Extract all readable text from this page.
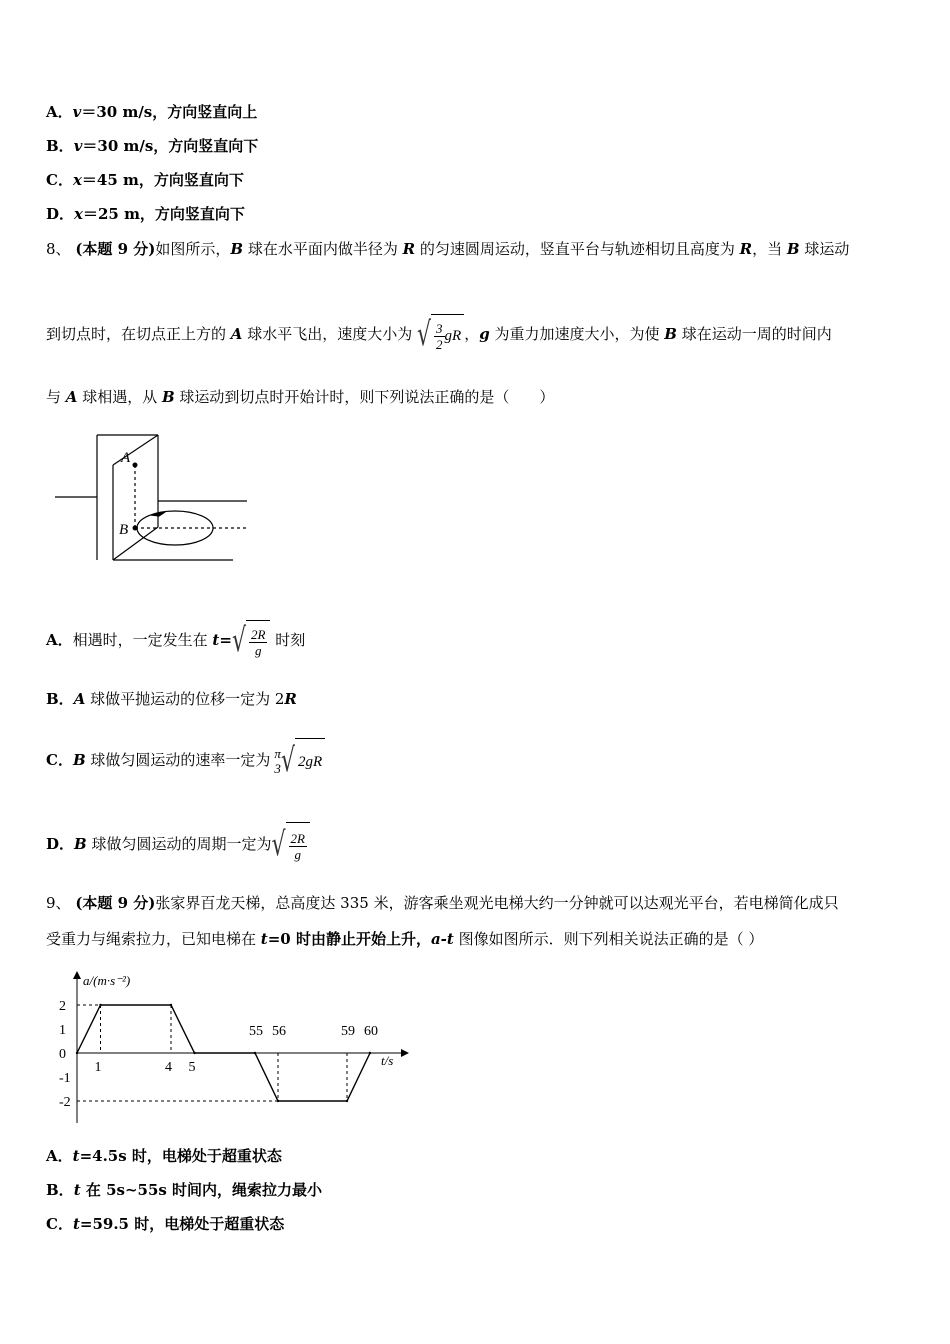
A．v＝30 m/s，方向竖直向上
B．v＝30 m/s，方向竖直向下
C．x＝45 m，方向竖直向下
D．x＝25 m，方向竖直向下
8、 (本题 9 分)如图所示，B 球在水平面内做半径为 R 的匀速圆周运动，竖直平台与轨迹相切且高度为 R，当 B 球运动
到切点时，在切点正上方的 A 球水平飞出，速度大小为 √ $\frac{3}{2}$ gR ，g 为重力加速度大小，为使 B 球在运动一周的时间内
与 A 球相遇，从 B 球运动到切点时开始计时，则下列说法正确的是（　　）
A
B
A．相遇时，一定发生在 $t=√ \frac{2R}{g}$ 时刻
B．A 球做平抛运动的位移一定为 2R
C．B 球做匀圆运动的速率一定为 π
3 √ 2gR
D．B 球做匀圆运动的周期一定为√ $\frac{2R}{g}$
9、 (本题 9 分)张家界百龙天梯，总高度达 335 米，游客乘坐观光电梯大约一分钟就可以达观光平台，若电梯简化成只
受重力与绳索拉力，已知电梯在 t=0 时由静止开始上升，a-t 图像如图所示．则下列相关说法正确的是（ ）
a/(m·s⁻²)
t/s
2
1
0
-1
-2
1	4 5
55 56	59 60
A．t=4.5s 时，电梯处于超重状态
B．t 在 5s~55s 时间内，绳索拉力最小
C．t=59.5 时，电梯处于超重状态
